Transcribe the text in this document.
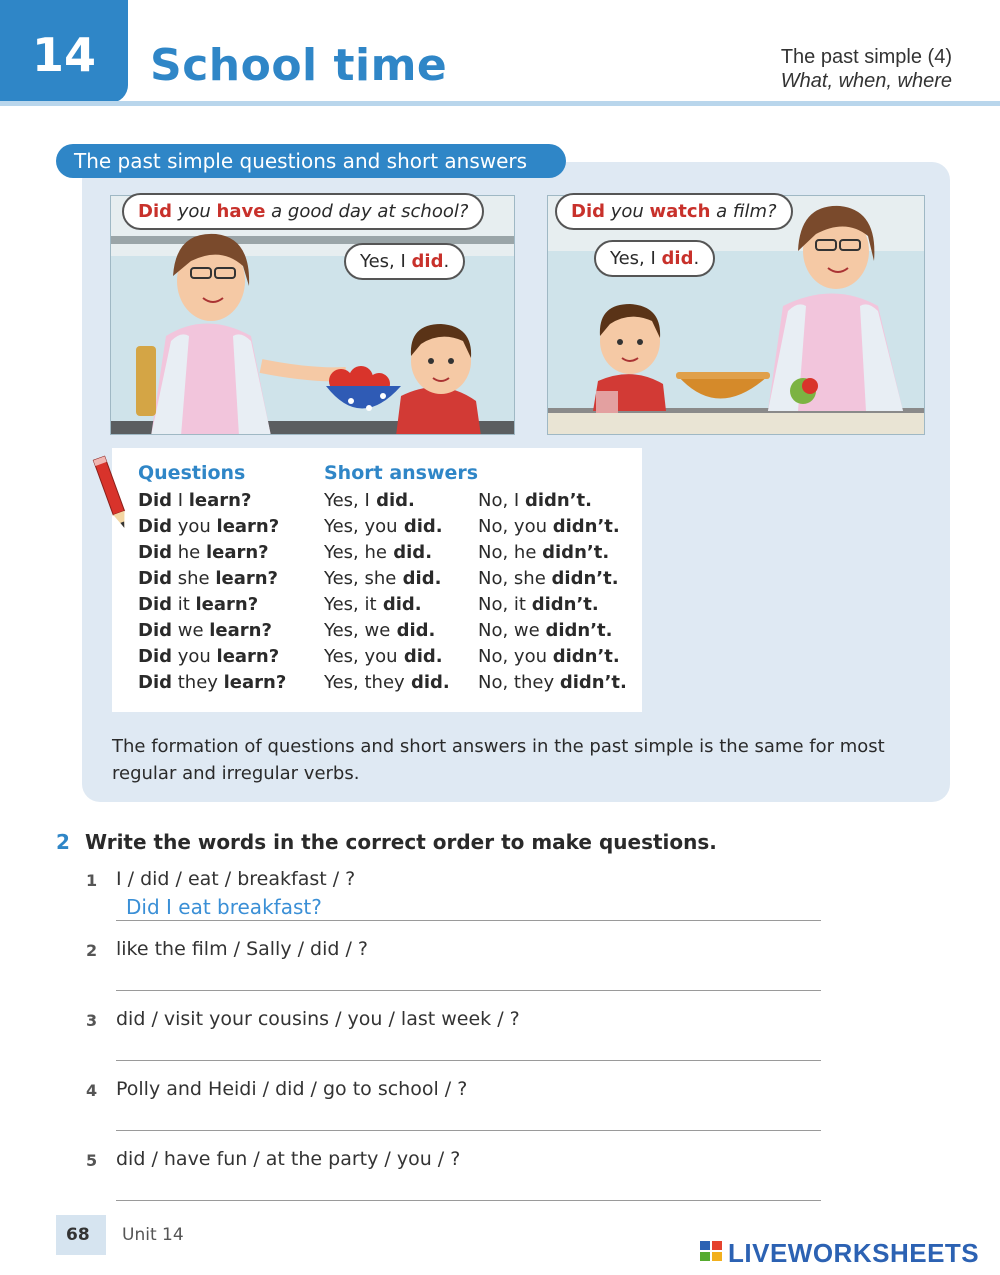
14	School time	The past simple (4)
What, when, where
The past simple questions and short answers
Did you have a good day at school?
Yes, I did.
Did you watch a film?
Yes, I did.
Questions	Short answers
Did I learn?	Yes, I did.	No, I didn’t.
Did you learn? Yes, you did. No, you didn’t.
Did he learn?	Yes, he did.	No, he didn’t.
Did she learn?	Yes, she did. No, she didn’t.
Did it learn?	Yes, it did.	No, it didn’t.
Did we learn?	Yes, we did. No, we didn’t.
Did you learn? Yes, you did. No, you didn’t.
Did they learn? Yes, they did. No, they didn’t.
The formation of questions and short answers in the past simple is the same for most regular and irregular verbs.
2 Write the words in the correct order to make questions.
1 I / did / eat / breakfast / ?
Did I eat breakfast?
2 like the film / Sally / did / ?
3 did / visit your cousins / you / last week / ?
4 Polly and Heidi / did / go to school / ?
5 did / have fun / at the party / you / ?
68 Unit 14
LIVEWORKSHEETS
